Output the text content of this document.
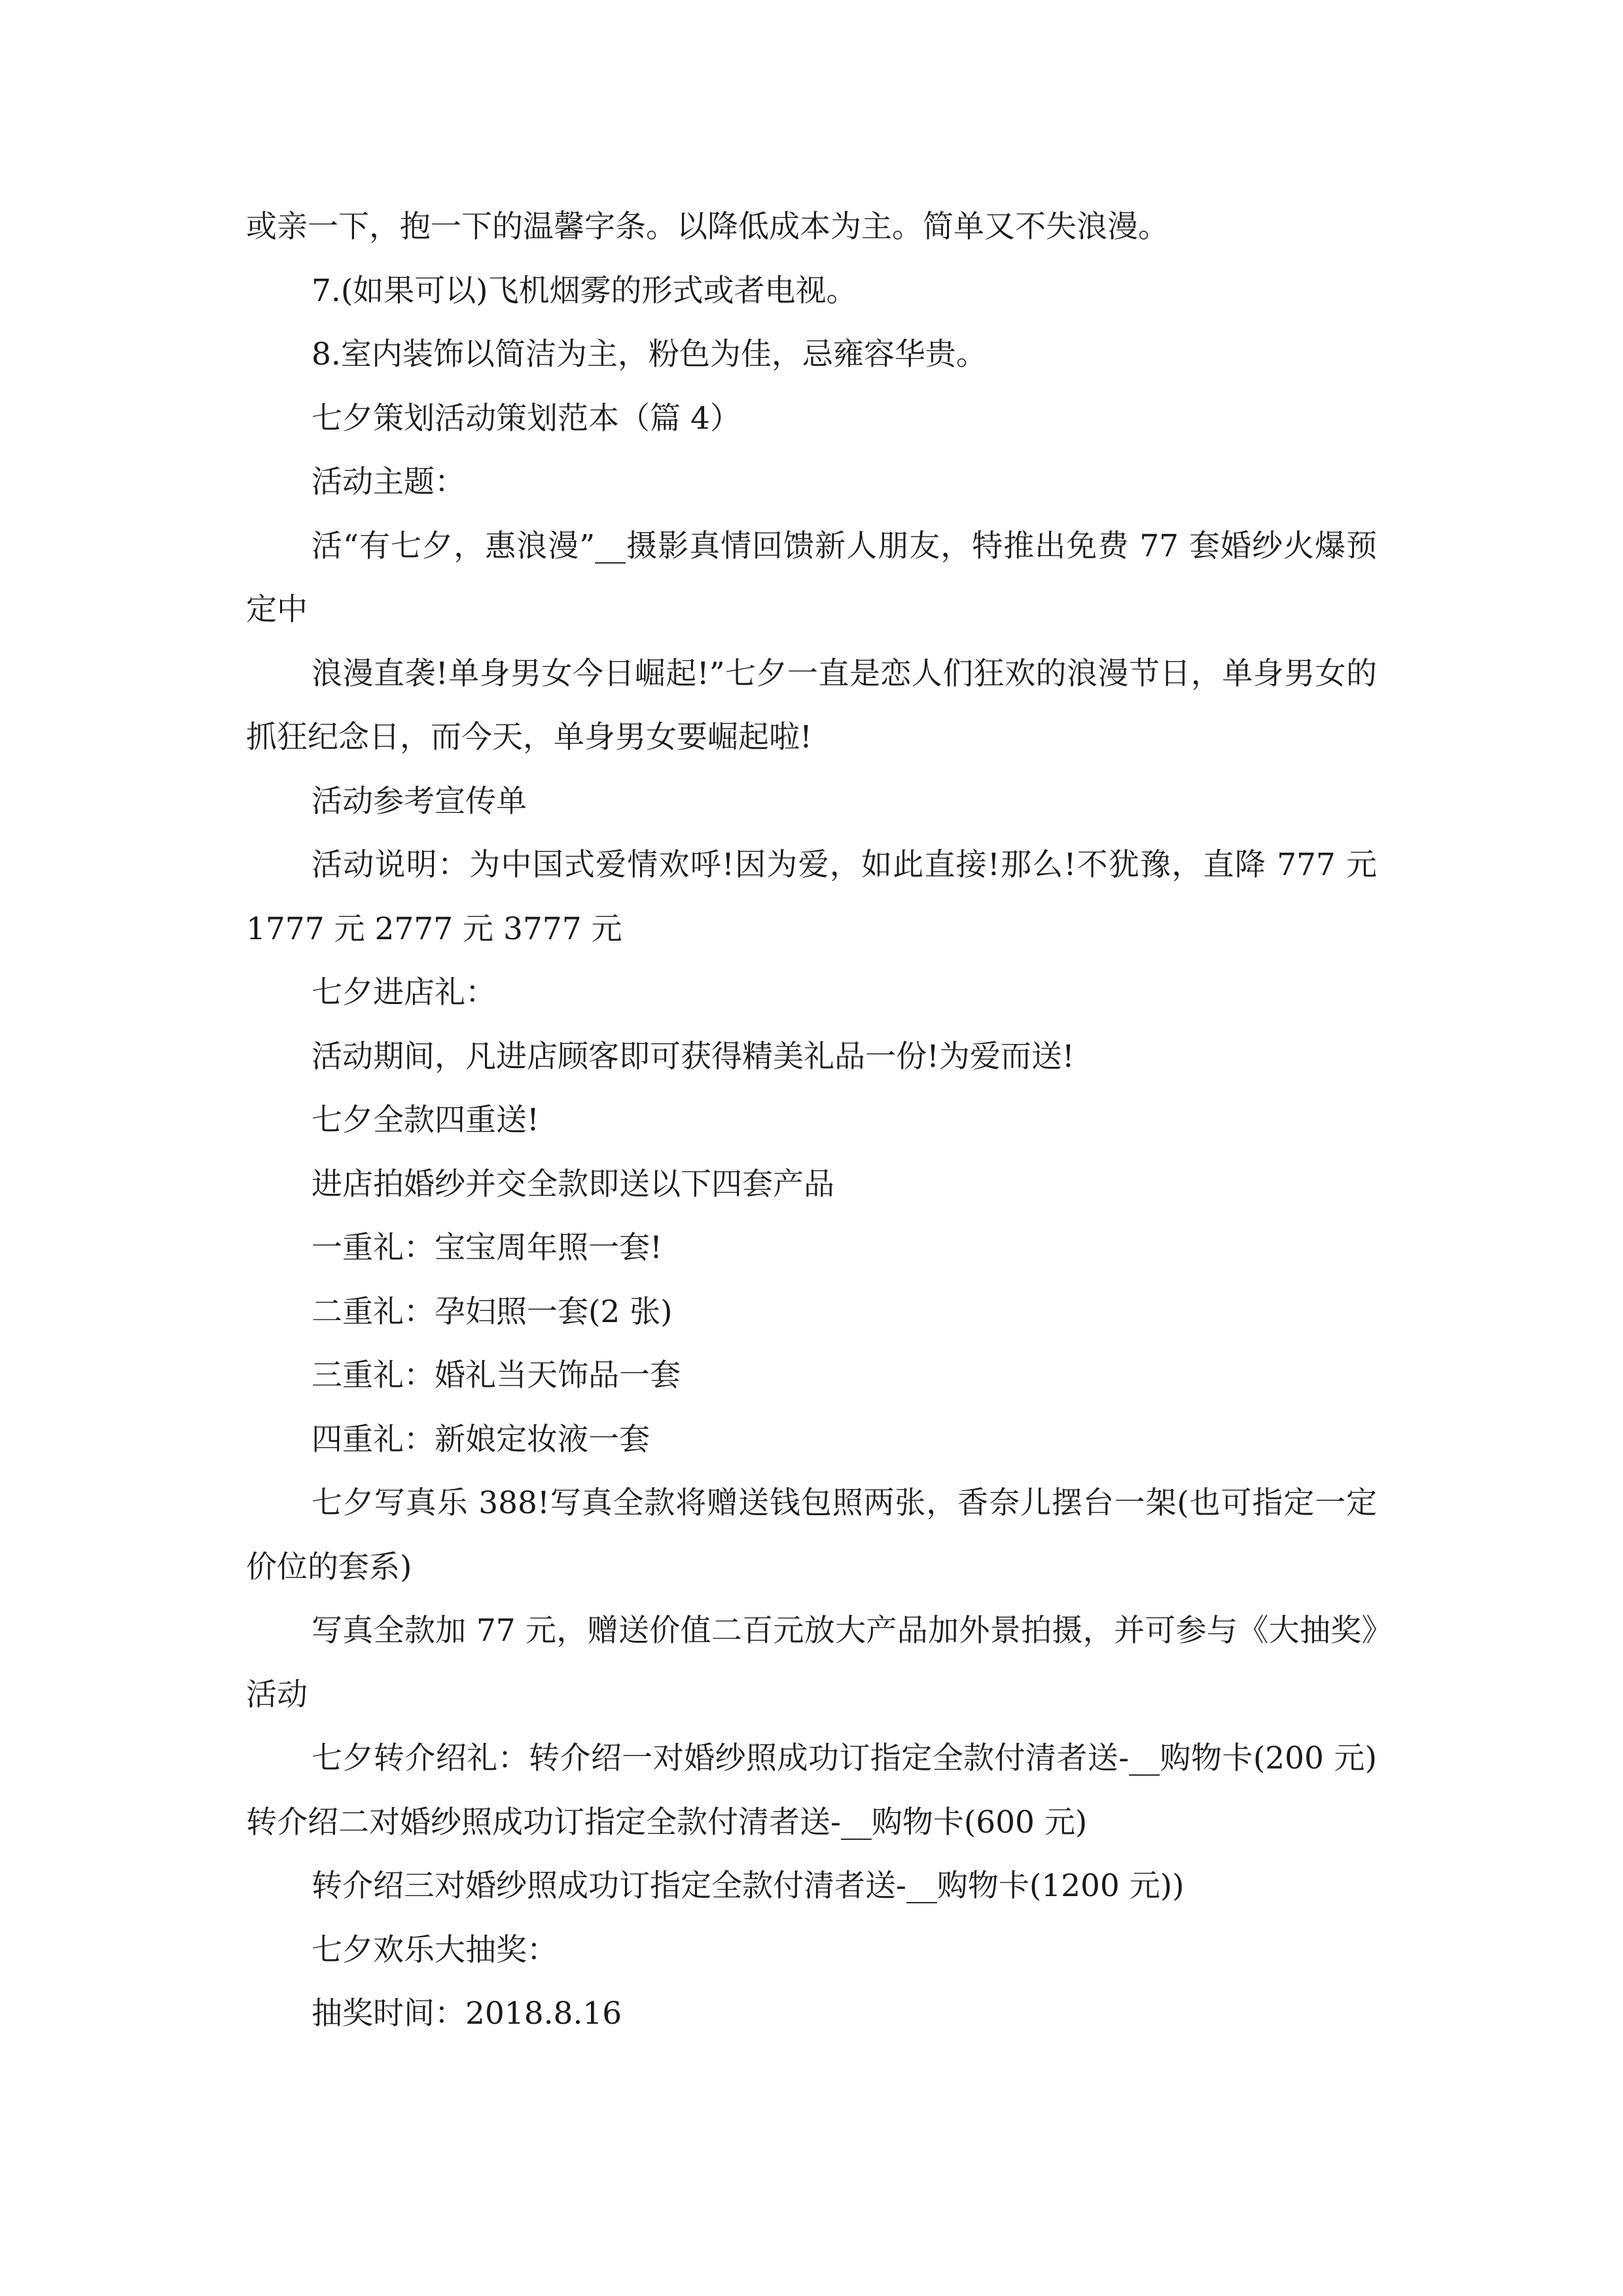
或亲一下，抱一下的温馨字条。以降低成本为主。简单又不失浪漫。

7.(如果可以)飞机烟雾的形式或者电视。

8.室内装饰以简洁为主，粉色为佳，忌雍容华贵。

七夕策划活动策划范本（篇 4）

活动主题：

活“有七夕，惠浪漫”__摄影真情回馈新人朋友，特推出免费 77 套婚纱火爆预定中

浪漫直袭!单身男女今日崛起!”七夕一直是恋人们狂欢的浪漫节日，单身男女的抓狂纪念日，而今天，单身男女要崛起啦!

活动参考宣传单

活动说明：为中国式爱情欢呼!因为爱，如此直接!那么!不犹豫，直降 777 元 1777 元 2777 元 3777 元

七夕进店礼：

活动期间，凡进店顾客即可获得精美礼品一份!为爱而送!

七夕全款四重送!

进店拍婚纱并交全款即送以下四套产品

一重礼：宝宝周年照一套!

二重礼：孕妇照一套(2 张)

三重礼：婚礼当天饰品一套

四重礼：新娘定妆液一套

七夕写真乐 388!写真全款将赠送钱包照两张，香奈儿摆台一架(也可指定一定价位的套系)

写真全款加 77 元，赠送价值二百元放大产品加外景拍摄，并可参与《大抽奖》活动

七夕转介绍礼：转介绍一对婚纱照成功订指定全款付清者送-__购物卡(200 元)转介绍二对婚纱照成功订指定全款付清者送-__购物卡(600 元)

转介绍三对婚纱照成功订指定全款付清者送-__购物卡(1200 元))

七夕欢乐大抽奖：

抽奖时间：2018.8.16
